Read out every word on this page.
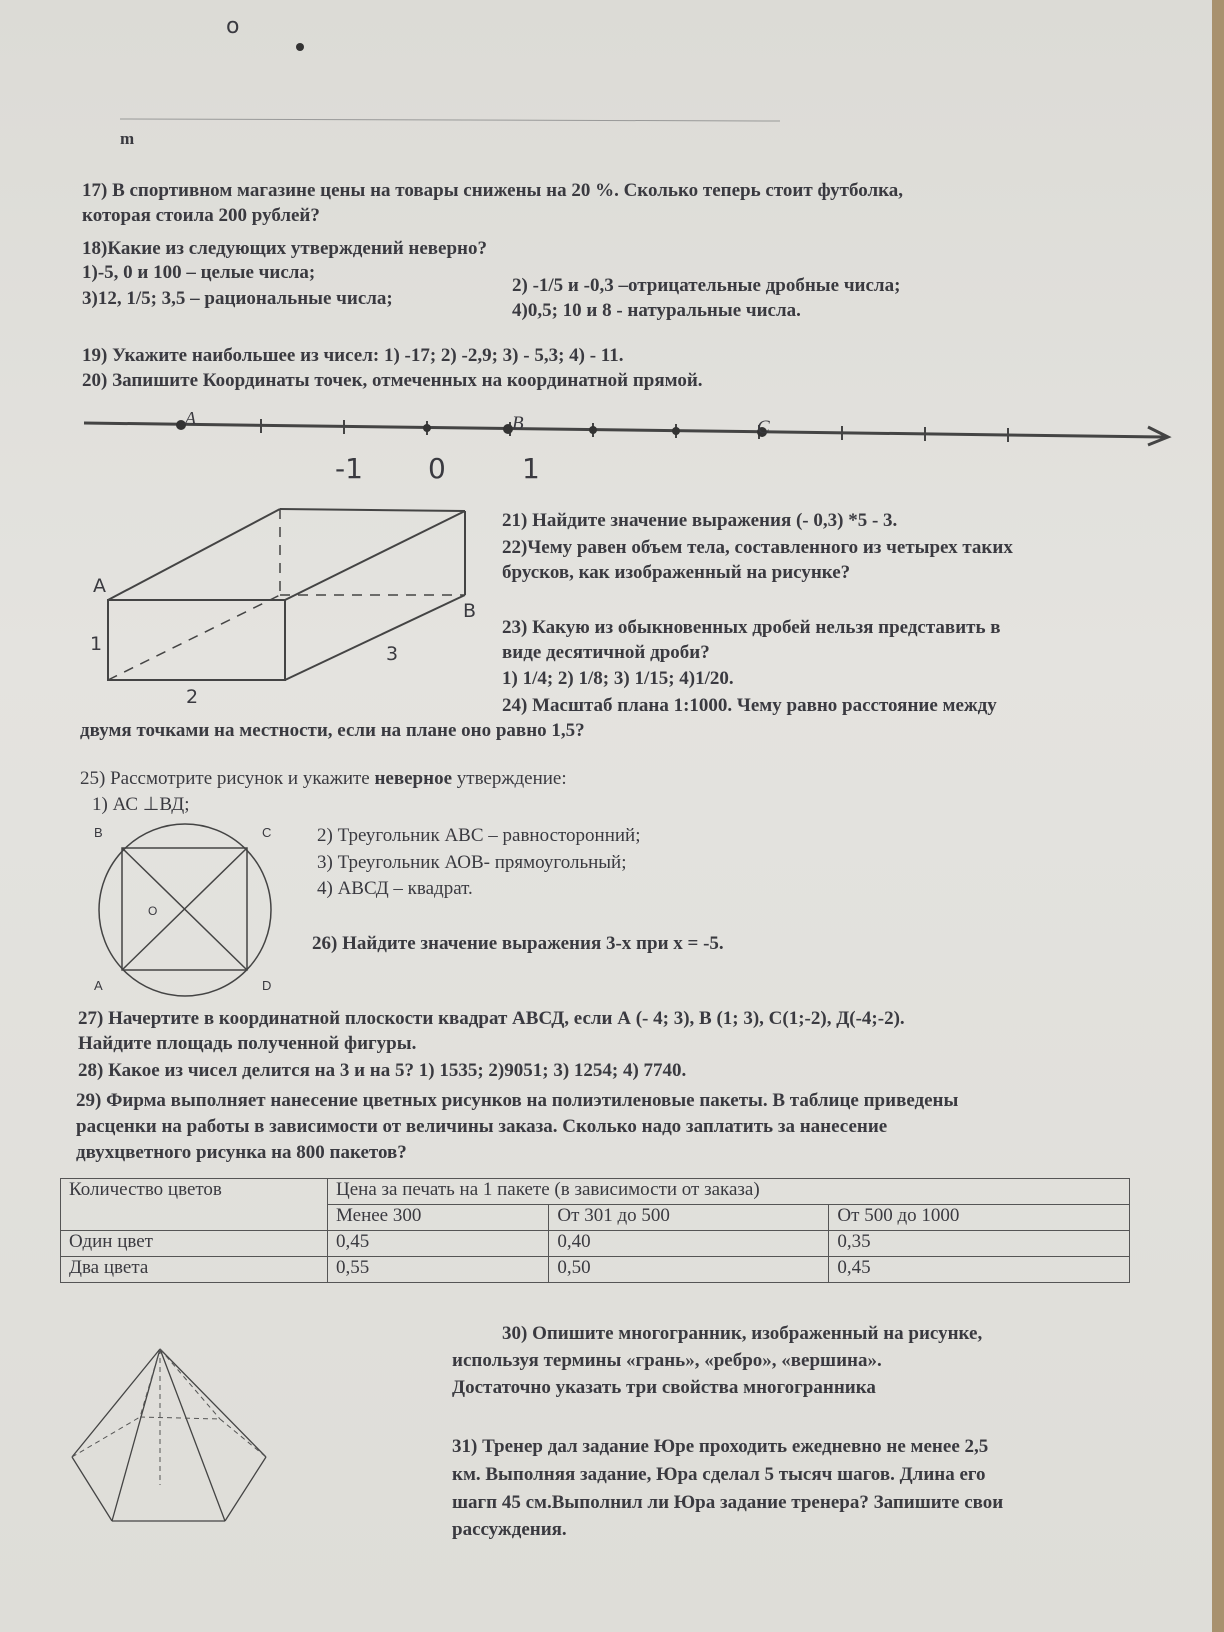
o
m
17) В спортивном магазине цены на товары снижены на 20 %. Сколько теперь стоит футболка,
которая стоила 200 рублей?
18)Какие из следующих утверждений неверно?
1)-5, 0 и 100 – целые числа;
2) -1/5 и -0,3 –отрицательные дробные числа;
3)12, 1/5; 3,5 – рациональные числа;
4)0,5; 10 и 8 - натуральные числа.
19) Укажите наибольшее из чисел: 1) -17; 2) -2,9; 3) - 5,3; 4) - 11.
20) Запишите Координаты точек, отмеченных на координатной прямой.
A	B	C
-1 0	1
A
B
1
2
3
21) Найдите значение выражения (- 0,3) *5 - 3.
22)Чему равен объем тела, составленного из четырех таких
брусков, как изображенный на рисунке?
23) Какую из обыкновенных дробей нельзя представить в
виде десятичной дроби?
1) 1/4; 2) 1/8; 3) 1/15; 4)1/20.
24) Масштаб плана 1:1000. Чему равно расстояние между
двумя точками на местности, если на плане оно равно 1,5?
25) Рассмотрите рисунок и укажите неверное утверждение:
1) АС ⊥ВД;
B	C
O
A	D
2) Треугольник АВС – равносторонний;
3) Треугольник АОВ- прямоугольный;
4) АВСД – квадрат.
26) Найдите значение выражения 3-х при х = -5.
27) Начертите в координатной плоскости квадрат АВСД, если А (- 4; 3), В (1; 3), С(1;-2), Д(-4;-2).
Найдите площадь полученной фигуры.
28) Какое из чисел делится на 3 и на 5? 1) 1535; 2)9051; 3) 1254; 4) 7740.
29) Фирма выполняет нанесение цветных рисунков на полиэтиленовые пакеты. В таблице приведены
расценки на работы в зависимости от величины заказа. Сколько надо заплатить за нанесение
двухцветного рисунка на 800 пакетов?
Количество цветов	Цена за печать на 1 пакете (в зависимости от заказа)		
	Менее 300	От 301 до 500	От 500 до 1000
Один цвет	0,45	0,40	0,35
Два цвета	0,55	0,50	0,45
30) Опишите многогранник, изображенный на рисунке,
используя термины «грань», «ребро», «вершина».
Достаточно указать три свойства многогранника
31) Тренер дал задание Юре проходить ежедневно не менее 2,5
км. Выполняя задание, Юра сделал 5 тысяч шагов. Длина его
шагп 45 см.Выполнил ли Юра задание тренера? Запишите свои
рассуждения.
